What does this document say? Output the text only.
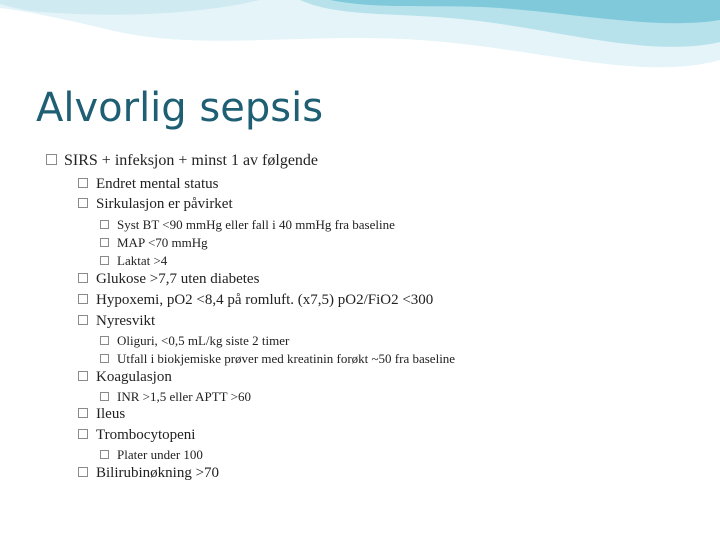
Alvorlig sepsis
SIRS + infeksjon + minst 1 av følgende
Endret mental status
Sirkulasjon er påvirket
Syst BT <90 mmHg eller fall i 40 mmHg fra baseline
MAP <70 mmHg
Laktat >4
Glukose >7,7 uten diabetes
Hypoxemi, pO2 <8,4 på romluft. (x7,5) pO2/FiO2 <300
Nyresvikt
Oliguri, <0,5 mL/kg siste 2 timer
Utfall i biokjemiske prøver med kreatinin forøkt ~50 fra baseline
Koagulasjon
INR >1,5 eller APTT >60
Ileus
Trombocytopeni
Plater under 100
Bilirubinøkning >70
